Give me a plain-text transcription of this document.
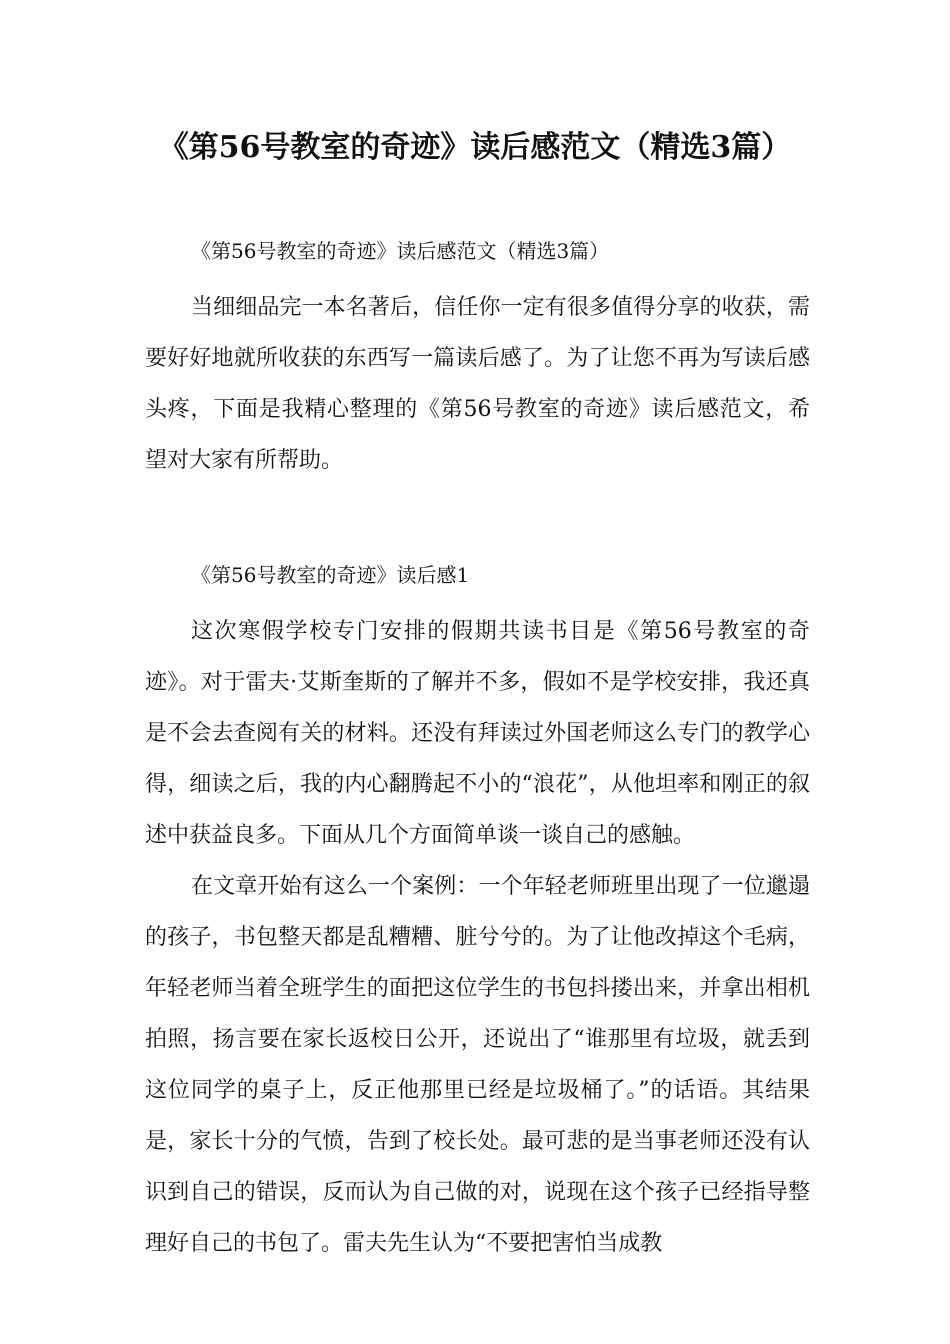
《第56号教室的奇迹》读后感范文（精选3篇）

《第56号教室的奇迹》读后感范文（精选3篇）

当细细品完一本名著后，信任你一定有很多值得分享的收获，需要好好地就所收获的东西写一篇读后感了。为了让您不再为写读后感头疼，下面是我精心整理的《第56号教室的奇迹》读后感范文，希望对大家有所帮助。

《第56号教室的奇迹》读后感1

这次寒假学校专门安排的假期共读书目是《第56号教室的奇迹》。对于雷夫·艾斯奎斯的了解并不多，假如不是学校安排，我还真是不会去查阅有关的材料。还没有拜读过外国老师这么专门的教学心得，细读之后，我的内心翻腾起不小的“浪花”，从他坦率和刚正的叙述中获益良多。下面从几个方面简单谈一谈自己的感触。

在文章开始有这么一个案例：一个年轻老师班里出现了一位邋遢的孩子，书包整天都是乱糟糟、脏兮兮的。为了让他改掉这个毛病，年轻老师当着全班学生的面把这位学生的书包抖搂出来，并拿出相机拍照，扬言要在家长返校日公开，还说出了“谁那里有垃圾，就丢到这位同学的桌子上，反正他那里已经是垃圾桶了。”的话语。其结果是，家长十分的气愤，告到了校长处。最可悲的是当事老师还没有认识到自己的错误，反而认为自己做的对，说现在这个孩子已经指导整理好自己的书包了。雷夫先生认为“不要把害怕当成教
